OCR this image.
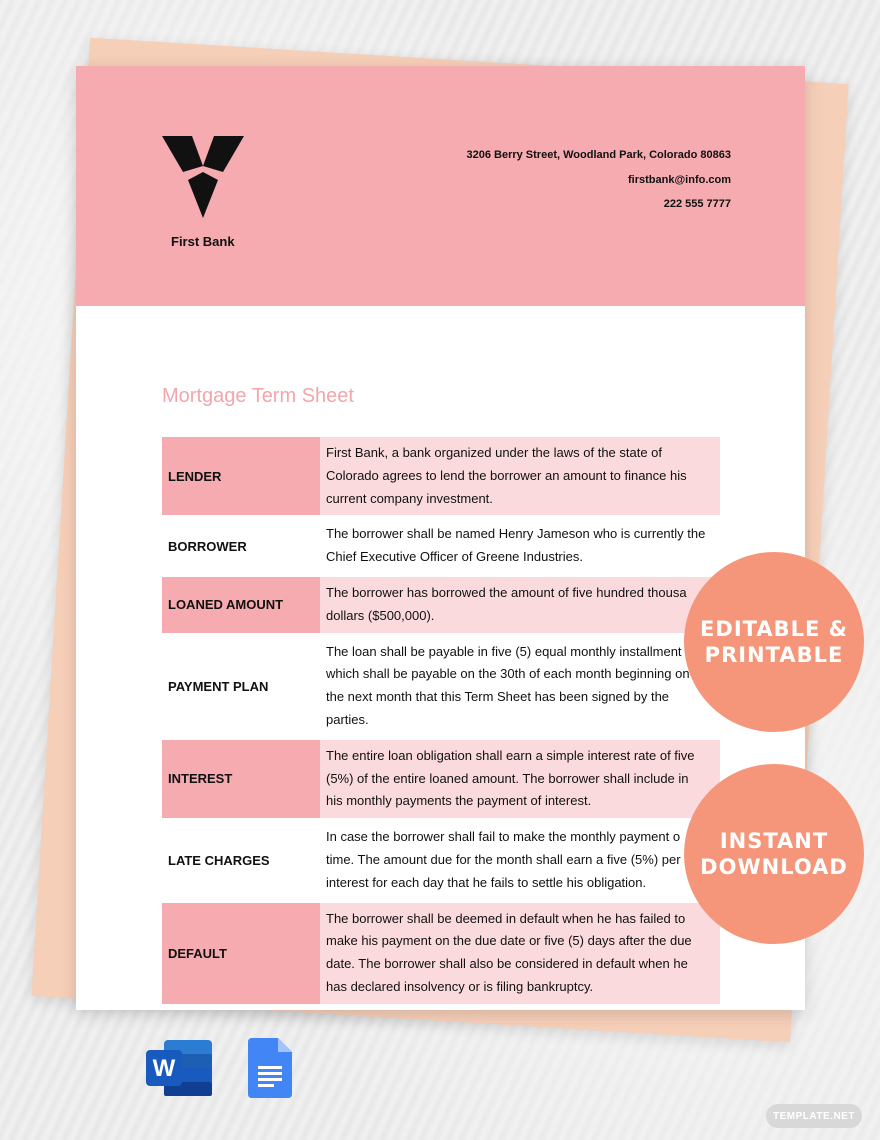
First Bank
3206 Berry Street, Woodland Park, Colorado 80863
firstbank@info.com
222 555 7777
Mortgage Term Sheet
LENDER	First Bank, a bank organized under the laws of the state of
Colorado agrees to lend the borrower an amount to finance his
current company investment.

BORROWER	The borrower shall be named Henry Jameson who is currently the
Chief Executive Officer of Greene Industries.

LOANED AMOUNT	The borrower has borrowed the amount of five hundred thousa
dollars ($500,000).

PAYMENT PLAN	The loan shall be payable in five (5) equal monthly installment
which shall be payable on the 30th of each month beginning on
the next month that this Term Sheet has been signed by the
parties.

INTEREST	The entire loan obligation shall earn a simple interest rate of five
(5%) of the entire loaned amount. The borrower shall include in
his monthly payments the payment of interest.

LATE CHARGES	In case the borrower shall fail to make the monthly payment o
time. The amount due for the month shall earn a five (5%) per
interest for each day that he fails to settle his obligation.

DEFAULT	The borrower shall be deemed in default when he has failed to
make his payment on the due date or five (5) days after the due
date. The borrower shall also be considered in default when he
has declared insolvency or is filing bankruptcy.
EDITABLE &
PRINTABLE
INSTANT
DOWNLOAD
W
TEMPLATE.NET
